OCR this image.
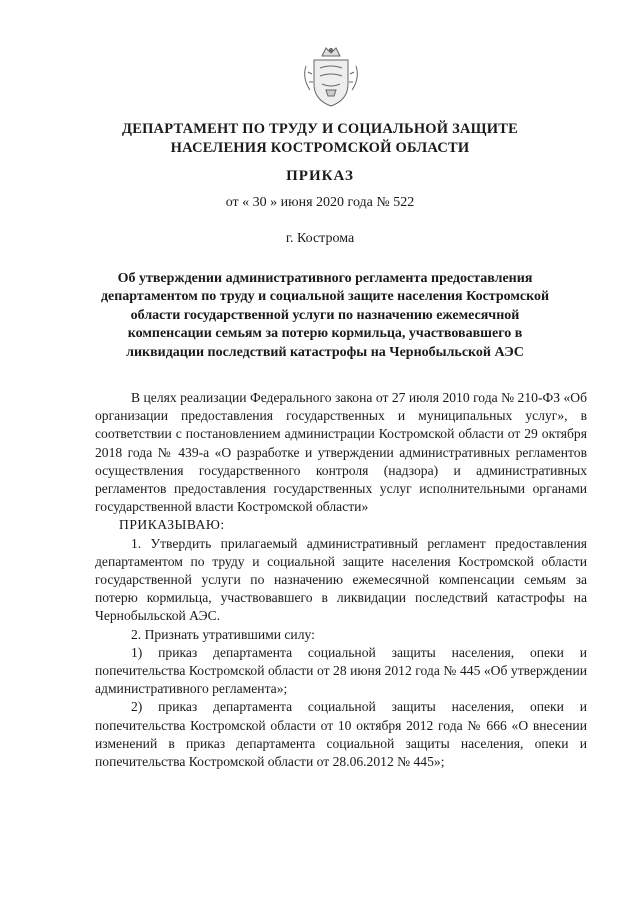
ДЕПАРТАМЕНТ ПО ТРУДУ И СОЦИАЛЬНОЙ ЗАЩИТЕ
НАСЕЛЕНИЯ КОСТРОМСКОЙ ОБЛАСТИ
ПРИКАЗ
от « 30 » июня 2020 года № 522
г. Кострома
Об утверждении административного регламента предоставления департаментом по труду и социальной защите населения Костромской области государственной услуги по назначению ежемесячной компенсации семьям за потерю кормильца, участвовавшего в ликвидации последствий катастрофы на Чернобыльской АЭС

В целях реализации Федерального закона от 27 июля 2010 года № 210-ФЗ «Об организации предоставления государственных и муниципальных услуг», в соответствии с постановлением администрации Костромской области от 29 октября 2018 года № 439-а «О разработке и утверждении административных регламентов осуществления государственного контроля (надзора) и административных регламентов предоставления государственных услуг исполнительными органами государственной власти Костромской области»

ПРИКАЗЫВАЮ:

1. Утвердить прилагаемый административный регламент предоставления департаментом по труду и социальной защите населения Костромской области государственной услуги по назначению ежемесячной компенсации семьям за потерю кормильца, участвовавшего в ликвидации последствий катастрофы на Чернобыльской АЭС.

2. Признать утратившими силу:

1) приказ департамента социальной защиты населения, опеки и попечительства Костромской области от 28 июня 2012 года № 445 «Об утверждении административного регламента»;

2) приказ департамента социальной защиты населения, опеки и попечительства Костромской области от 10 октября 2012 года № 666 «О внесении изменений в приказ департамента социальной защиты населения, опеки и попечительства Костромской области от 28.06.2012 № 445»;
